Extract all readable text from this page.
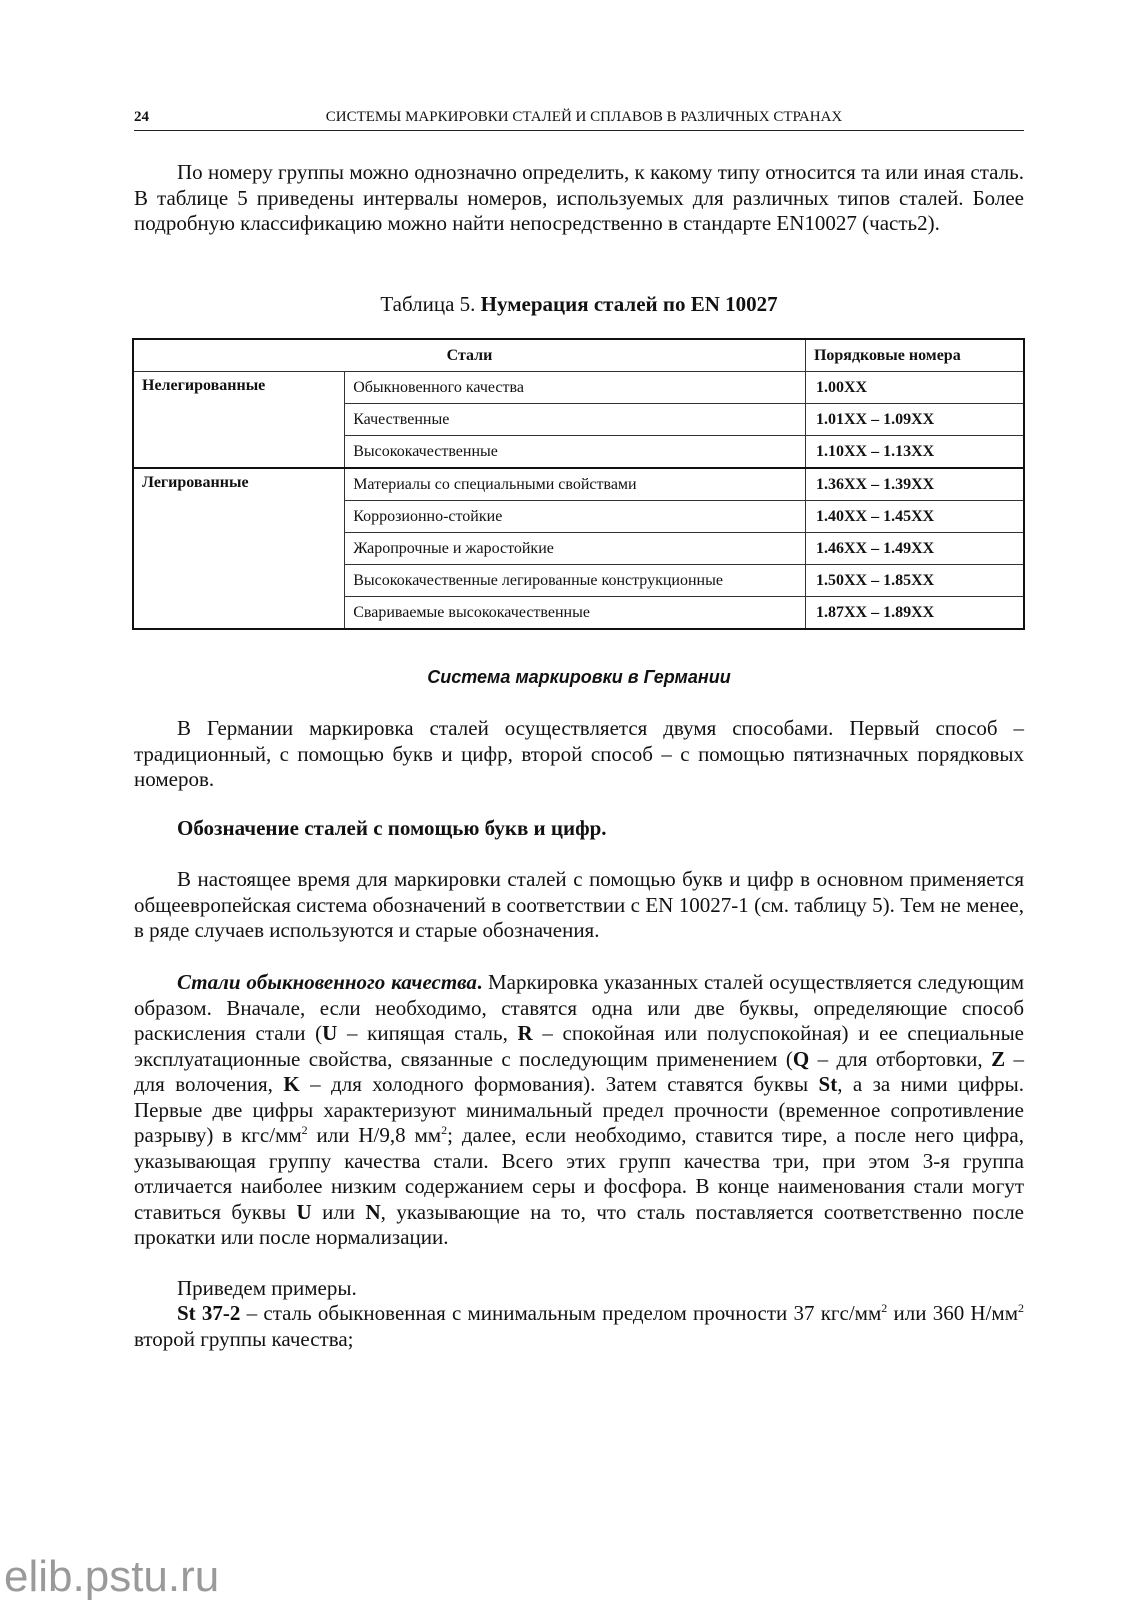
24	СИСТЕМЫ МАРКИРОВКИ СТАЛЕЙ И СПЛАВОВ В РАЗЛИЧНЫХ СТРАНАХ

По номеру группы можно однозначно определить, к какому типу относится та или иная сталь. В таблице 5 приведены интервалы номеров, используемых для различных типов сталей. Более подробную классификацию можно найти непосредственно в стандарте EN10027 (часть2).

Таблица 5. Нумерация сталей по EN 10027
Стали		Порядковые номера
Нелегированные	Обыкновенного качества	1.00XX
	Качественные	1.01XX – 1.09XX
	Высококачественные	1.10XX – 1.13XX
Легированные	Материалы со специальными свойствами	1.36XX – 1.39XX
	Коррозионно-стойкие	1.40XX – 1.45XX
	Жаропрочные и жаростойкие	1.46XX – 1.49XX
	Высококачественные легированные конструкционные	1.50XX – 1.85XX
	Свариваемые высококачественные	1.87XX – 1.89XX
Система маркировки в Германии

В Германии маркировка сталей осуществляется двумя способами. Первый способ – традиционный, с помощью букв и цифр, второй способ – с помощью пятизначных порядковых номеров.

Обозначение сталей с помощью букв и цифр.

В настоящее время для маркировки сталей с помощью букв и цифр в основном применяется общеевропейская система обозначений в соответствии с EN 10027-1 (см. таблицу 5). Тем не менее, в ряде случаев используются и старые обозначения.

Стали обыкновенного качества. Маркировка указанных сталей осуществляется следующим образом. Вначале, если необходимо, ставятся одна или две буквы, определяющие способ раскисления стали (U – кипящая сталь, R – спокойная или полуспокойная) и ее специальные эксплуатационные свойства, связанные с последующим применением (Q – для отбортовки, Z – для волочения, K – для холодного формования). Затем ставятся буквы St, а за ними цифры. Первые две цифры характеризуют минимальный предел прочности (временное сопротивление разрыву) в кгс/$мм^2$ или Н/9,8 $мм^2$; далее, если необходимо, ставится тире, а после него цифра, указывающая группу качества стали. Всего этих групп качества три, при этом 3-я группа отличается наиболее низким содержанием серы и фосфора. В конце наименования стали могут ставиться буквы U или N, указывающие на то, что сталь поставляется соответственно после прокатки или после нормализации.

Приведем примеры.

St 37-2 – сталь обыкновенная с минимальным пределом прочности 37 кгс/$мм^2$ или 360 $Н/мм^2$ второй группы качества;

elib.pstu.ru
